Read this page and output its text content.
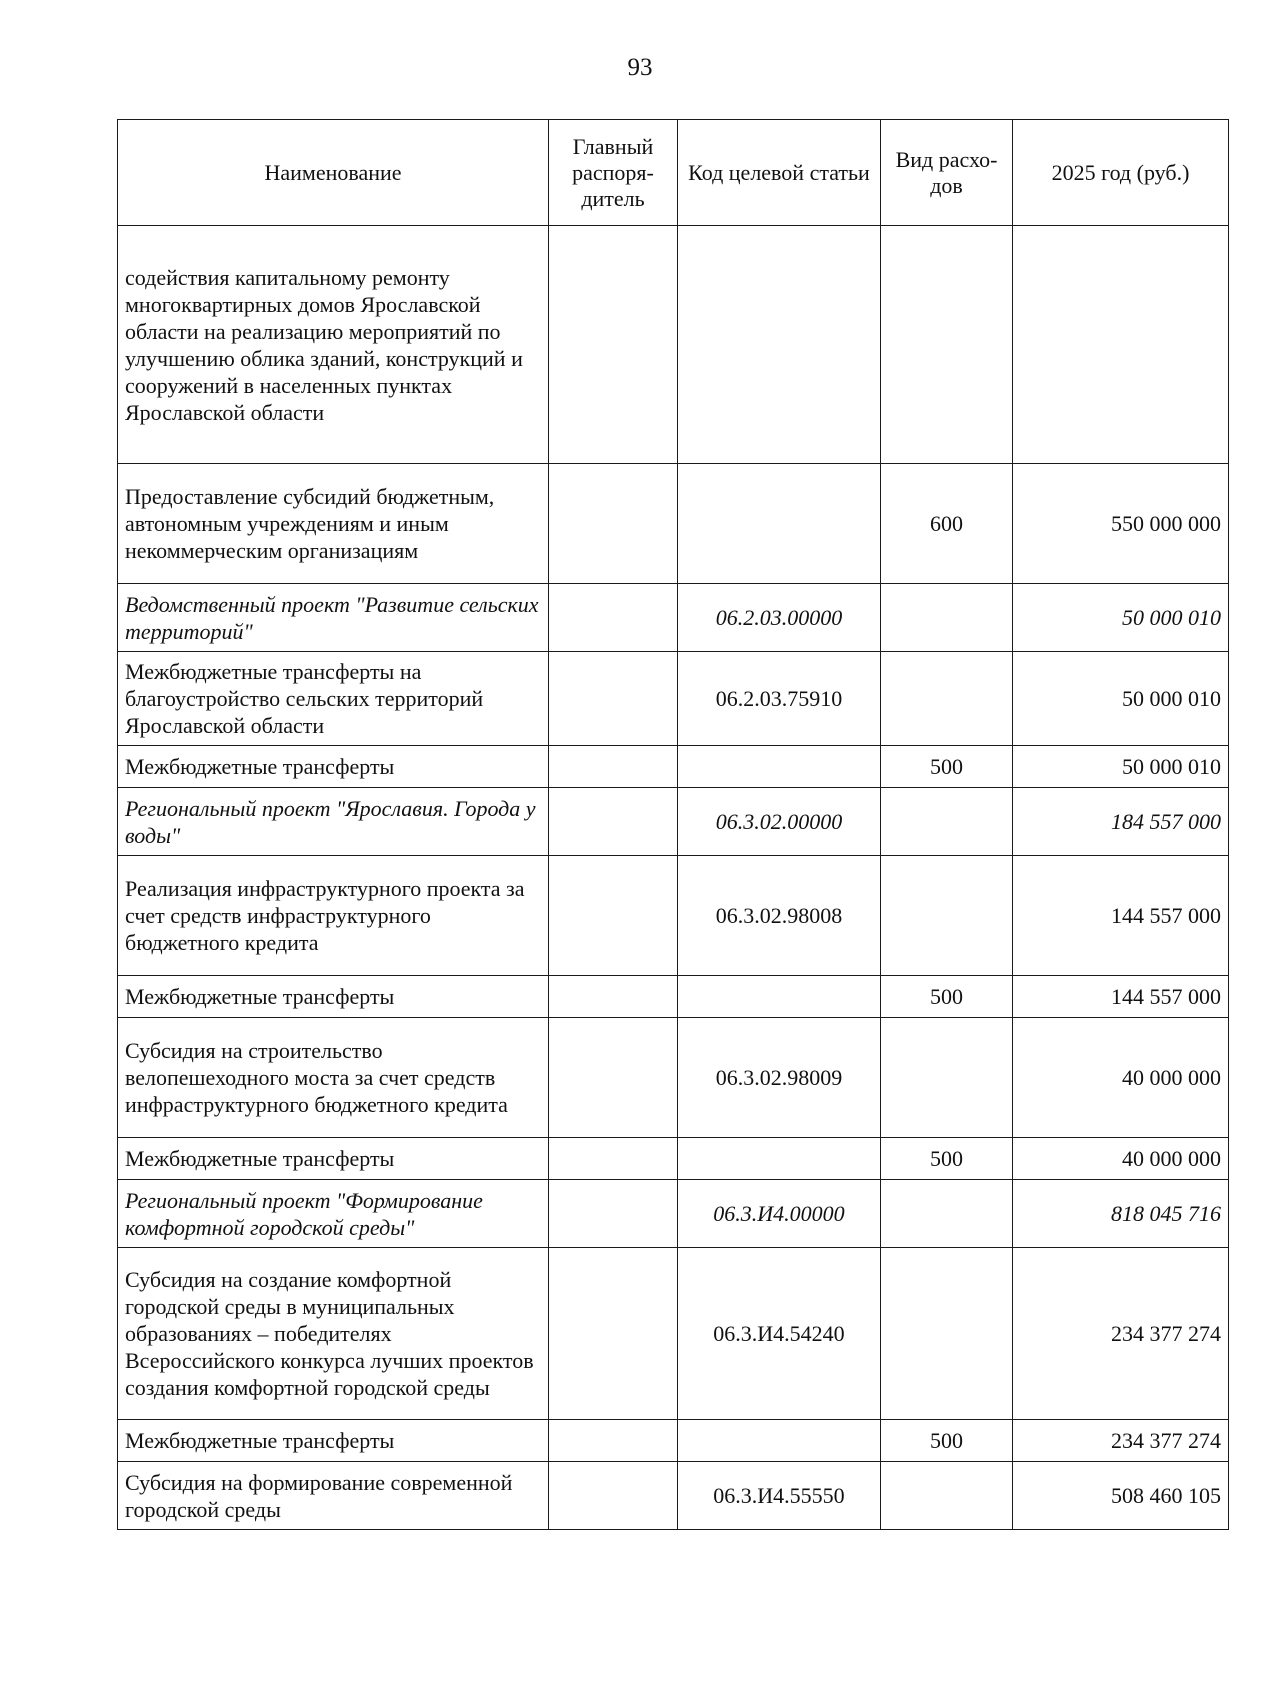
93
Наименование	Главный распоря-дитель	Код целевой статьи	Вид расхо-дов	2025 год (руб.)
содействия капитальному ремонту многоквартирных домов Ярославской области на реализацию мероприятий по улучшению облика зданий, конструкций и сооружений в населенных пунктах Ярославской области				
Предоставление субсидий бюджетным, автономным учреждениям и иным некоммерческим организациям			600	550 000 000
Ведомственный проект "Развитие сельских территорий"		06.2.03.00000		50 000 010
Межбюджетные трансферты на благоустройство сельских территорий Ярославской области		06.2.03.75910		50 000 010
Межбюджетные трансферты			500	50 000 010
Региональный проект "Ярославия. Города у воды"		06.3.02.00000		184 557 000
Реализация инфраструктурного проекта за счет средств инфраструктурного бюджетного кредита		06.3.02.98008		144 557 000
Межбюджетные трансферты			500	144 557 000
Субсидия на строительство велопешеходного моста за счет средств инфраструктурного бюджетного кредита		06.3.02.98009		40 000 000
Межбюджетные трансферты			500	40 000 000
Региональный проект "Формирование комфортной городской среды"		06.3.И4.00000		818 045 716
Субсидия на создание комфортной городской среды в муниципальных образованиях – победителях Всероссийского конкурса лучших проектов создания комфортной городской среды		06.3.И4.54240		234 377 274
Межбюджетные трансферты			500	234 377 274
Субсидия на формирование современной городской среды		06.3.И4.55550		508 460 105
